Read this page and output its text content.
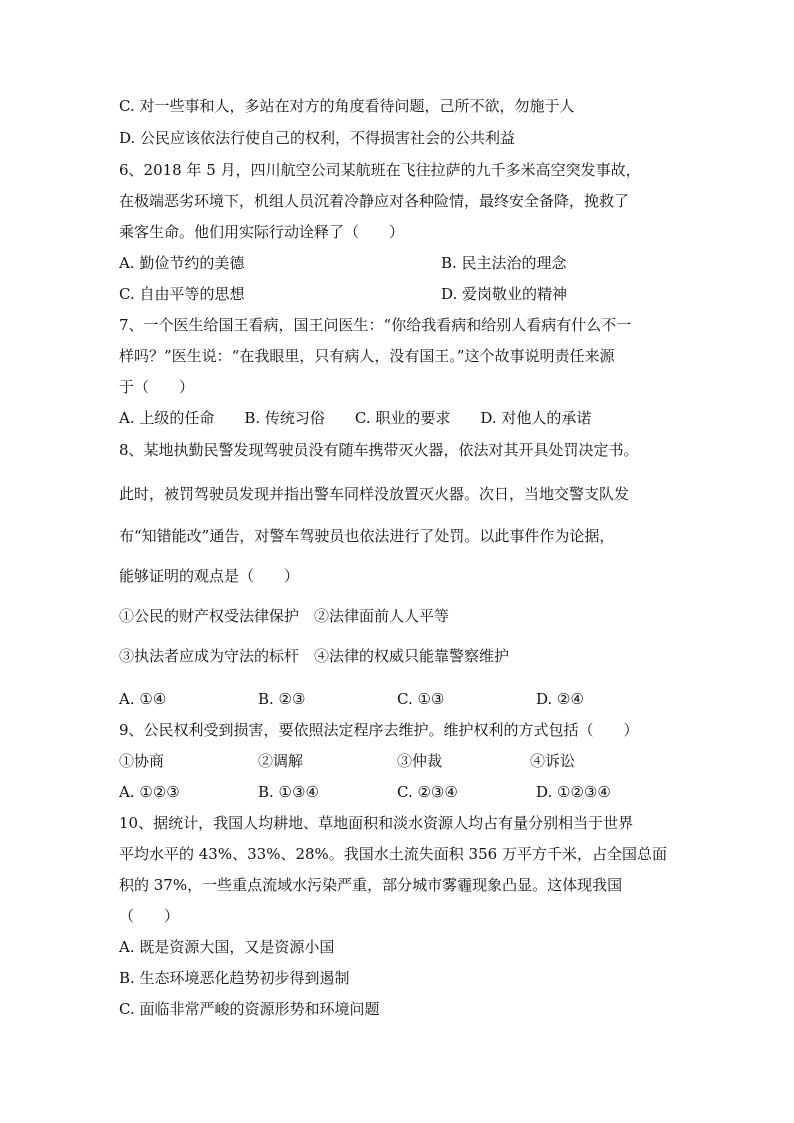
C. 对一些事和人，多站在对方的角度看待问题，己所不欲，勿施于人
D. 公民应该依法行使自己的权利，不得损害社会的公共利益
6、2018 年 5 月，四川航空公司某航班在飞往拉萨的九千多米高空突发事故，
在极端恶劣环境下，机组人员沉着冷静应对各种险情，最终安全备降，挽救了
乘客生命。他们用实际行动诠释了（　　）
A. 勤俭节约的美德	B. 民主法治的理念
C. 自由平等的思想	D. 爱岗敬业的精神
7、一个医生给国王看病，国王问医生：“你给我看病和给别人看病有什么不一
样吗？”医生说：“在我眼里，只有病人，没有国王。”这个故事说明责任来源
于（　　）
A. 上级的任命　　B. 传统习俗　　C. 职业的要求　　D. 对他人的承诺
8、某地执勤民警发现驾驶员没有随车携带灭火器，依法对其开具处罚决定书。
此时，被罚驾驶员发现并指出警车同样没放置灭火器。次日，当地交警支队发
布“知错能改”通告，对警车驾驶员也依法进行了处罚。以此事件作为论据，
能够证明的观点是（　　）
①公民的财产权受法律保护　②法律面前人人平等
③执法者应成为守法的标杆　④法律的权威只能靠警察维护
A. ①④	B. ②③	C. ①③	D. ②④
9、公民权利受到损害，要依照法定程序去维护。维护权利的方式包括（　　）
①协商	②调解	③仲裁	④诉讼
A. ①②③	B. ①③④	C. ②③④	D. ①②③④
10、据统计，我国人均耕地、草地面积和淡水资源人均占有量分别相当于世界
平均水平的 43%、33%、28%。我国水土流失面积 356 万平方千米，占全国总面
积的 37%，一些重点流域水污染严重，部分城市雾霾现象凸显。这体现我国
（　　）
A. 既是资源大国，又是资源小国
B. 生态环境恶化趋势初步得到遏制
C. 面临非常严峻的资源形势和环境问题
